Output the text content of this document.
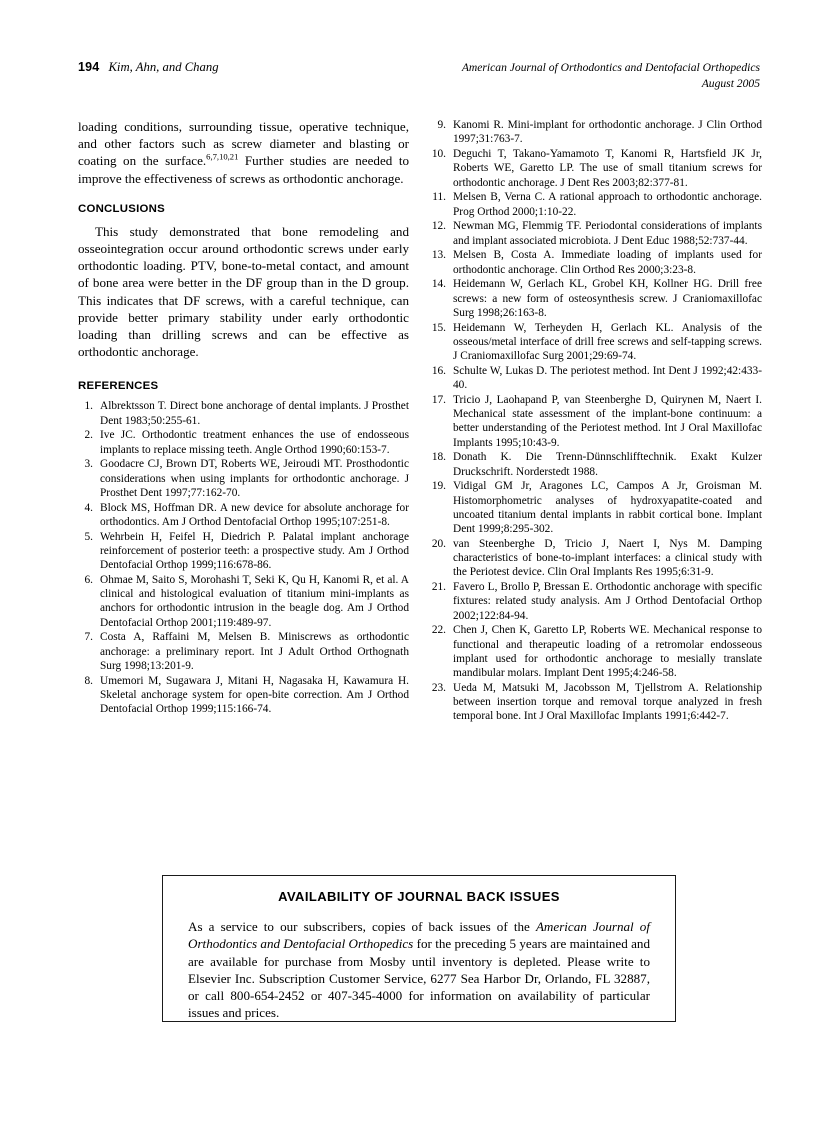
194 Kim, Ahn, and Chang	American Journal of Orthodontics and Dentofacial Orthopedics
August 2005

loading conditions, surrounding tissue, operative technique, and other factors such as screw diameter and blasting or coating on the surface.$^{6,7,10,21}$ Further studies are needed to improve the effectiveness of screws as orthodontic anchorage.

CONCLUSIONS

This study demonstrated that bone remodeling and osseointegration occur around orthodontic screws under early orthodontic loading. PTV, bone-to-metal contact, and amount of bone area were better in the DF group than in the D group. This indicates that DF screws, with a careful technique, can provide better primary stability under early orthodontic loading than drilling screws and can be effective as orthodontic anchorage.

REFERENCES
1. Albrektsson T. Direct bone anchorage of dental implants. J Prosthet Dent 1983;50:255-61.
2. Ive JC. Orthodontic treatment enhances the use of endosseous implants to replace missing teeth. Angle Orthod 1990;60:153-7.
3. Goodacre CJ, Brown DT, Roberts WE, Jeiroudi MT. Prosthodontic considerations when using implants for orthodontic anchorage. J Prosthet Dent 1997;77:162-70.
4. Block MS, Hoffman DR. A new device for absolute anchorage for orthodontics. Am J Orthod Dentofacial Orthop 1995;107:251-8.
5. Wehrbein H, Feifel H, Diedrich P. Palatal implant anchorage reinforcement of posterior teeth: a prospective study. Am J Orthod Dentofacial Orthop 1999;116:678-86.
6. Ohmae M, Saito S, Morohashi T, Seki K, Qu H, Kanomi R, et al. A clinical and histological evaluation of titanium mini-implants as anchors for orthodontic intrusion in the beagle dog. Am J Orthod Dentofacial Orthop 2001;119:489-97.
7. Costa A, Raffaini M, Melsen B. Miniscrews as orthodontic anchorage: a preliminary report. Int J Adult Orthod Orthognath Surg 1998;13:201-9.
8. Umemori M, Sugawara J, Mitani H, Nagasaka H, Kawamura H. Skeletal anchorage system for open-bite correction. Am J Orthod Dentofacial Orthop 1999;115:166-74.
9. Kanomi R. Mini-implant for orthodontic anchorage. J Clin Orthod 1997;31:763-7.
10. Deguchi T, Takano-Yamamoto T, Kanomi R, Hartsfield JK Jr, Roberts WE, Garetto LP. The use of small titanium screws for orthodontic anchorage. J Dent Res 2003;82:377-81.
11. Melsen B, Verna C. A rational approach to orthodontic anchorage. Prog Orthod 2000;1:10-22.
12. Newman MG, Flemmig TF. Periodontal considerations of implants and implant associated microbiota. J Dent Educ 1988;52:737-44.
13. Melsen B, Costa A. Immediate loading of implants used for orthodontic anchorage. Clin Orthod Res 2000;3:23-8.
14. Heidemann W, Gerlach KL, Grobel KH, Kollner HG. Drill free screws: a new form of osteosynthesis screw. J Craniomaxillofac Surg 1998;26:163-8.
15. Heidemann W, Terheyden H, Gerlach KL. Analysis of the osseous/metal interface of drill free screws and self-tapping screws. J Craniomaxillofac Surg 2001;29:69-74.
16. Schulte W, Lukas D. The periotest method. Int Dent J 1992;42:433-40.
17. Tricio J, Laohapand P, van Steenberghe D, Quirynen M, Naert I. Mechanical state assessment of the implant-bone continuum: a better understanding of the Periotest method. Int J Oral Maxillofac Implants 1995;10:43-9.
18. Donath K. Die Trenn-Dünnschlifftechnik. Exakt Kulzer Druckschrift. Norderstedt 1988.
19. Vidigal GM Jr, Aragones LC, Campos A Jr, Groisman M. Histomorphometric analyses of hydroxyapatite-coated and uncoated titanium dental implants in rabbit cortical bone. Implant Dent 1999;8:295-302.
20. van Steenberghe D, Tricio J, Naert I, Nys M. Damping characteristics of bone-to-implant interfaces: a clinical study with the Periotest device. Clin Oral Implants Res 1995;6:31-9.
21. Favero L, Brollo P, Bressan E. Orthodontic anchorage with specific fixtures: related study analysis. Am J Orthod Dentofacial Orthop 2002;122:84-94.
22. Chen J, Chen K, Garetto LP, Roberts WE. Mechanical response to functional and therapeutic loading of a retromolar endosseous implant used for orthodontic anchorage to mesially translate mandibular molars. Implant Dent 1995;4:246-58.
23. Ueda M, Matsuki M, Jacobsson M, Tjellstrom A. Relationship between insertion torque and removal torque analyzed in fresh temporal bone. Int J Oral Maxillofac Implants 1991;6:442-7.
AVAILABILITY OF JOURNAL BACK ISSUES

As a service to our subscribers, copies of back issues of the American Journal of Orthodontics and Dentofacial Orthopedics for the preceding 5 years are maintained and are available for purchase from Mosby until inventory is depleted. Please write to Elsevier Inc. Subscription Customer Service, 6277 Sea Harbor Dr, Orlando, FL 32887, or call 800-654-2452 or 407-345-4000 for information on availability of particular issues and prices.
